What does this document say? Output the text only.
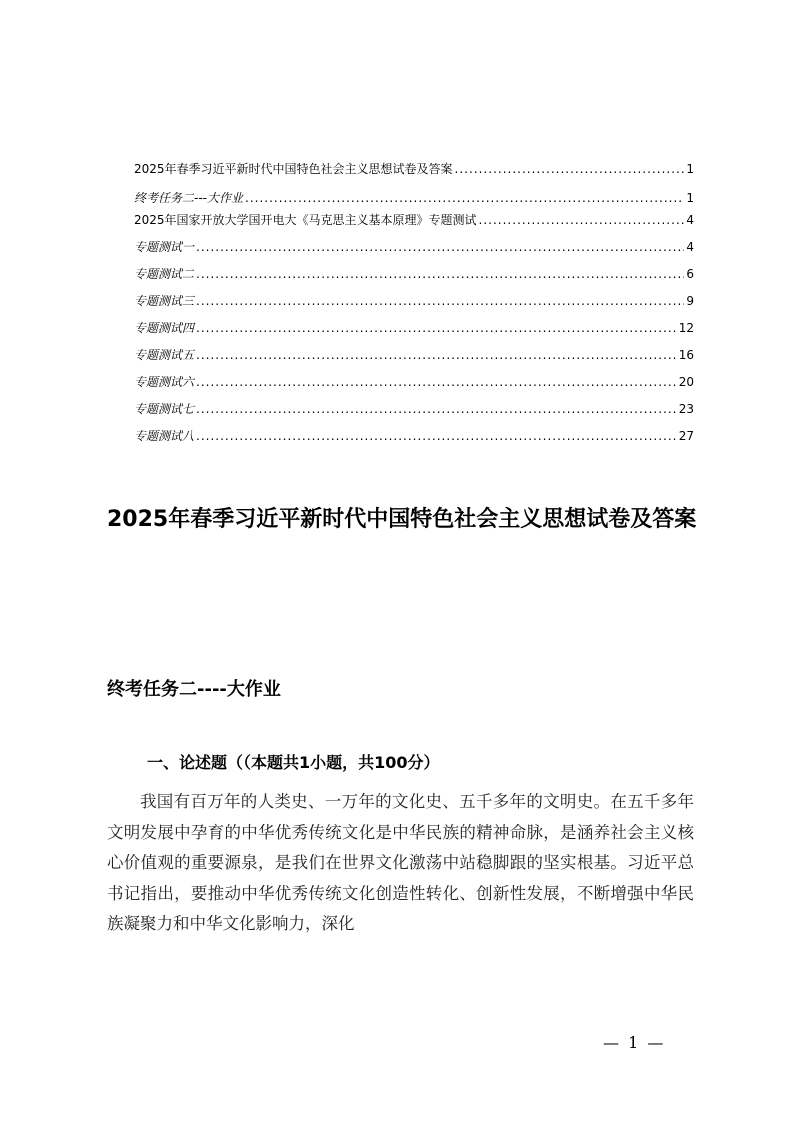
2025年春季习近平新时代中国特色社会主义思想试卷及答案 .....	1
终考任务二---大作业 .....	1
2025年国家开放大学国开电大《马克思主义基本原理》专题测试 .....	4
专题测试一 .....	4
专题测试二 .....	6
专题测试三 .....	9
专题测试四 .....	12
专题测试五 .....	16
专题测试六 .....	20
专题测试七 .....	23
专题测试八 .....	27
2025年春季习近平新时代中国特色社会主义思想试卷及答案
终考任务二----大作业
一、论述题（（本题共1小题，共100分）

我国有百万年的人类史、一万年的文化史、五千多年的文明史。在五千多年文明发展中孕育的中华优秀传统文化是中华民族的精神命脉，是涵养社会主义核心价值观的重要源泉，是我们在世界文化激荡中站稳脚跟的坚实根基。习近平总书记指出，要推动中华优秀传统文化创造性转化、创新性发展，不断增强中华民族凝聚力和中华文化影响力，深化

— 1 —
